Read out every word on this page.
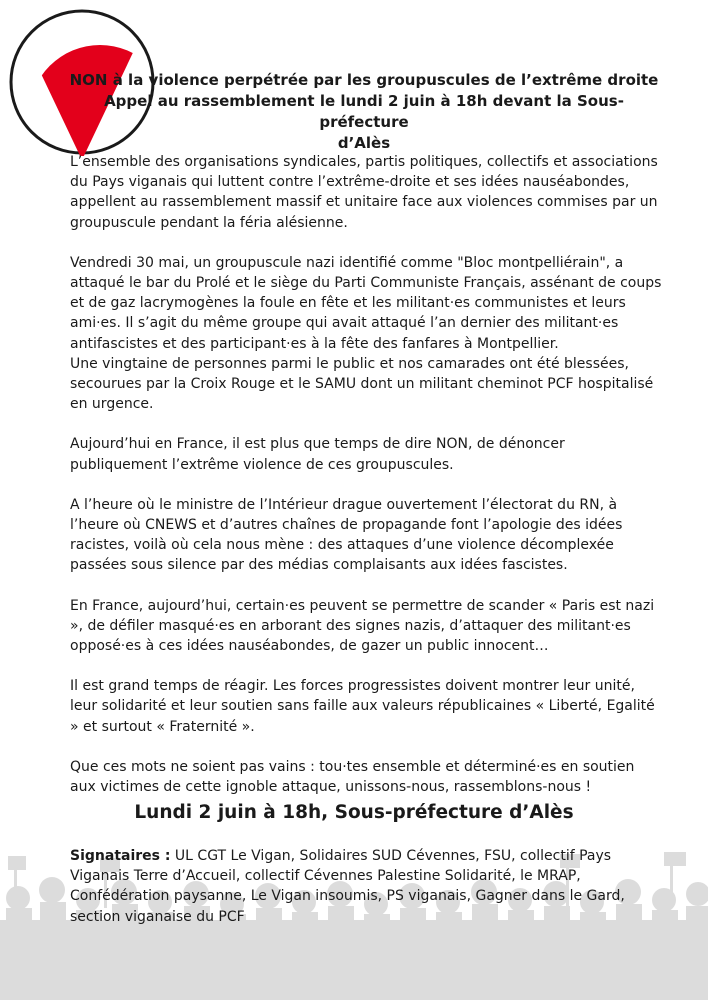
NON à la violence perpétrée par les groupuscules de l’extrême droite
Appel au rassemblement le lundi 2 juin à 18h devant la Sous-préfecture
d’Alès

L’ensemble des organisations syndicales, partis politiques, collectifs et associations du Pays viganais qui luttent contre l’extrême-droite et ses idées nauséabondes, appellent au rassemblement massif et unitaire face aux violences commises par un groupuscule pendant la féria alésienne.

Vendredi 30 mai, un groupuscule nazi identifié comme "Bloc montpelliérain", a attaqué le bar du Prolé et le siège du Parti Communiste Français, assénant de coups et de gaz lacrymogènes la foule en fête et les militant·es communistes et leurs ami·es. Il s’agit du même groupe qui avait attaqué l’an dernier des militant·es antifascistes et des participant·es à la fête des fanfares à Montpellier.

Une vingtaine de personnes parmi le public et nos camarades ont été blessées, secourues par la Croix Rouge et le SAMU dont un militant cheminot PCF hospitalisé en urgence.

Aujourd’hui en France, il est plus que temps de dire NON, de dénoncer publiquement l’extrême violence de ces groupuscules.

A l’heure où le ministre de l’Intérieur drague ouvertement l’électorat du RN, à l’heure où CNEWS et d’autres chaînes de propagande font l’apologie des idées racistes, voilà où cela nous mène : des attaques d’une violence décomplexée passées sous silence par des médias complaisants aux idées fascistes.

En France, aujourd’hui, certain·es peuvent se permettre de scander « Paris est nazi », de défiler masqué·es en arborant des signes nazis, d’attaquer des militant·es opposé·es à ces idées nauséabondes, de gazer un public innocent…

Il est grand temps de réagir. Les forces progressistes doivent montrer leur unité, leur solidarité et leur soutien sans faille aux valeurs républicaines « Liberté, Egalité » et surtout « Fraternité ».

Que ces mots ne soient pas vains : tou·tes ensemble et déterminé·es en soutien aux victimes de cette ignoble attaque, unissons-nous, rassemblons-nous !

Lundi 2 juin à 18h, Sous-préfecture d’Alès
Signataires : UL CGT Le Vigan, Solidaires SUD Cévennes, FSU, collectif Pays Viganais Terre d’Accueil, collectif Cévennes Palestine Solidarité, le MRAP, Confédération paysanne, Le Vigan insoumis, PS viganais, Gagner dans le Gard, section viganaise du PCF
